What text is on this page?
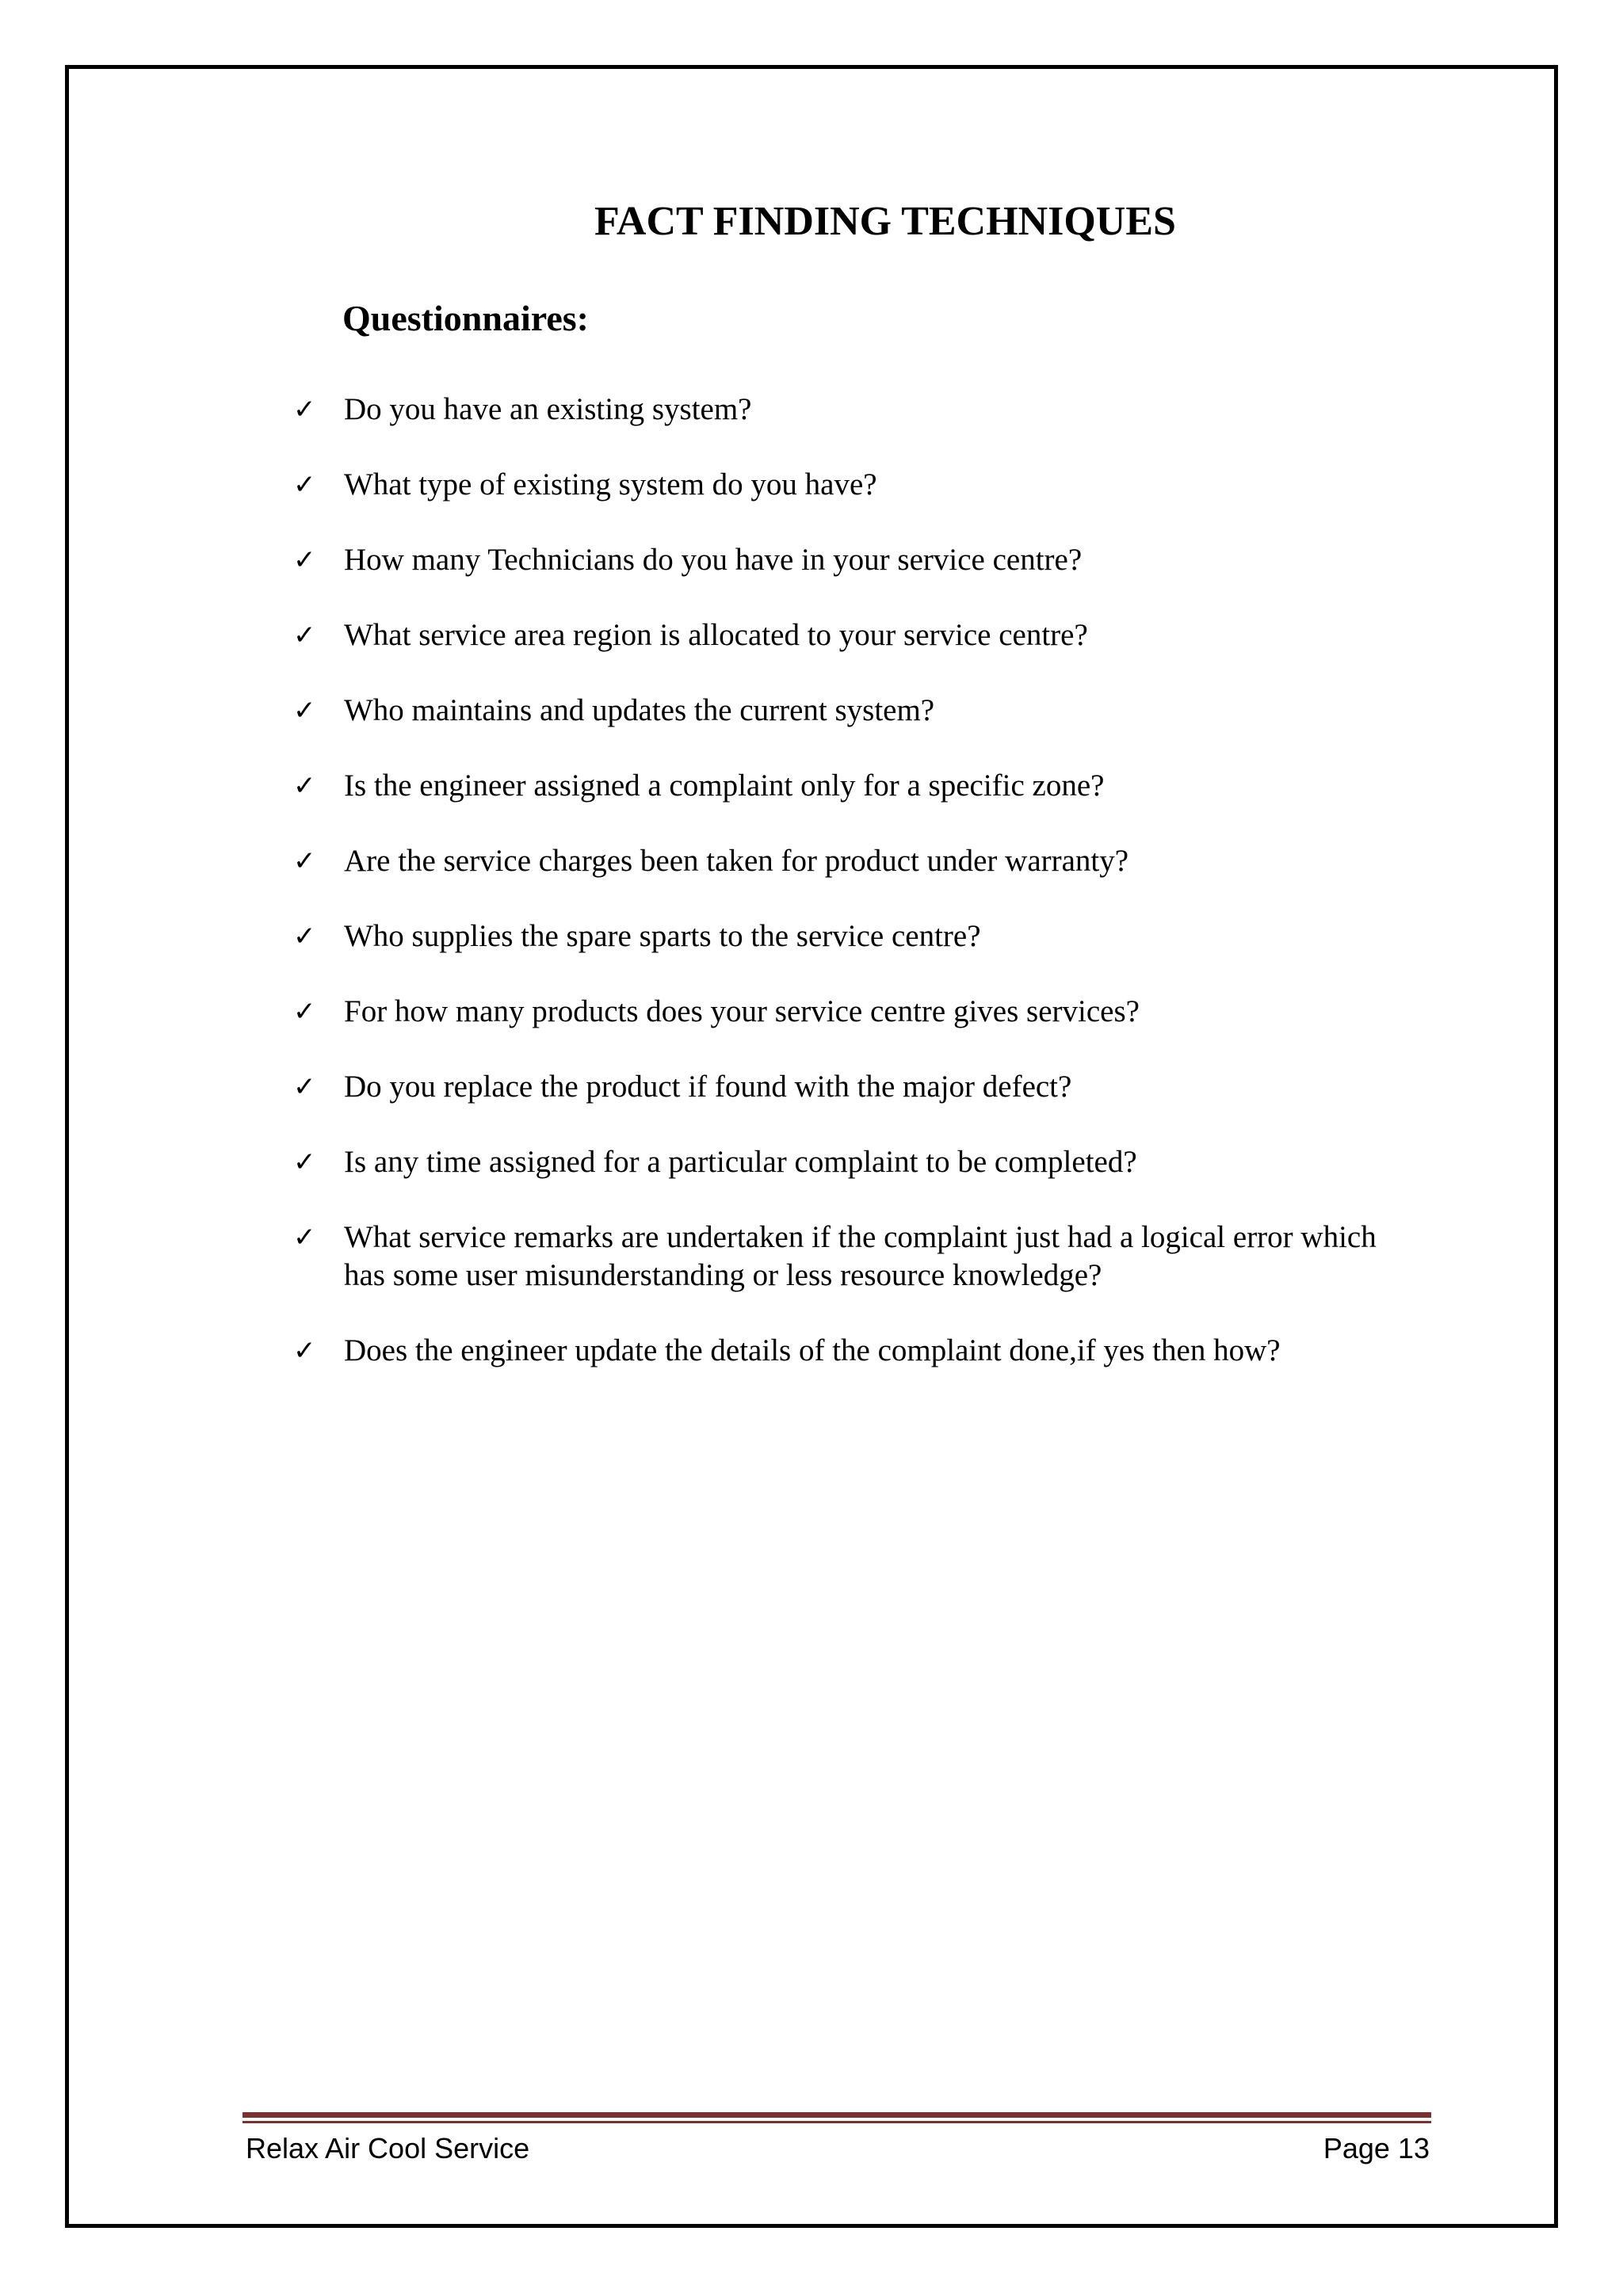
FACT FINDING TECHNIQUES
Questionnaires:
✓ Do you have an existing system?
✓ What type of existing system do you have?
✓ How many Technicians do you have in your service centre?
✓ What service area region is allocated to your service centre?
✓ Who maintains and updates the current system?
✓ Is the engineer assigned a complaint only for a specific zone?
✓ Are the service charges been taken for product under warranty?
✓ Who supplies the spare sparts to the service centre?
✓ For how many products does your service centre gives services?
✓ Do you replace the product if found with the major defect?
✓ Is any time assigned for a particular complaint to be completed?
✓ What service remarks are undertaken if the complaint just had a logical error which has some user misunderstanding or less resource knowledge?
✓ Does the engineer update the details of the complaint done,if yes then how?
Relax Air Cool Service	Page 13
